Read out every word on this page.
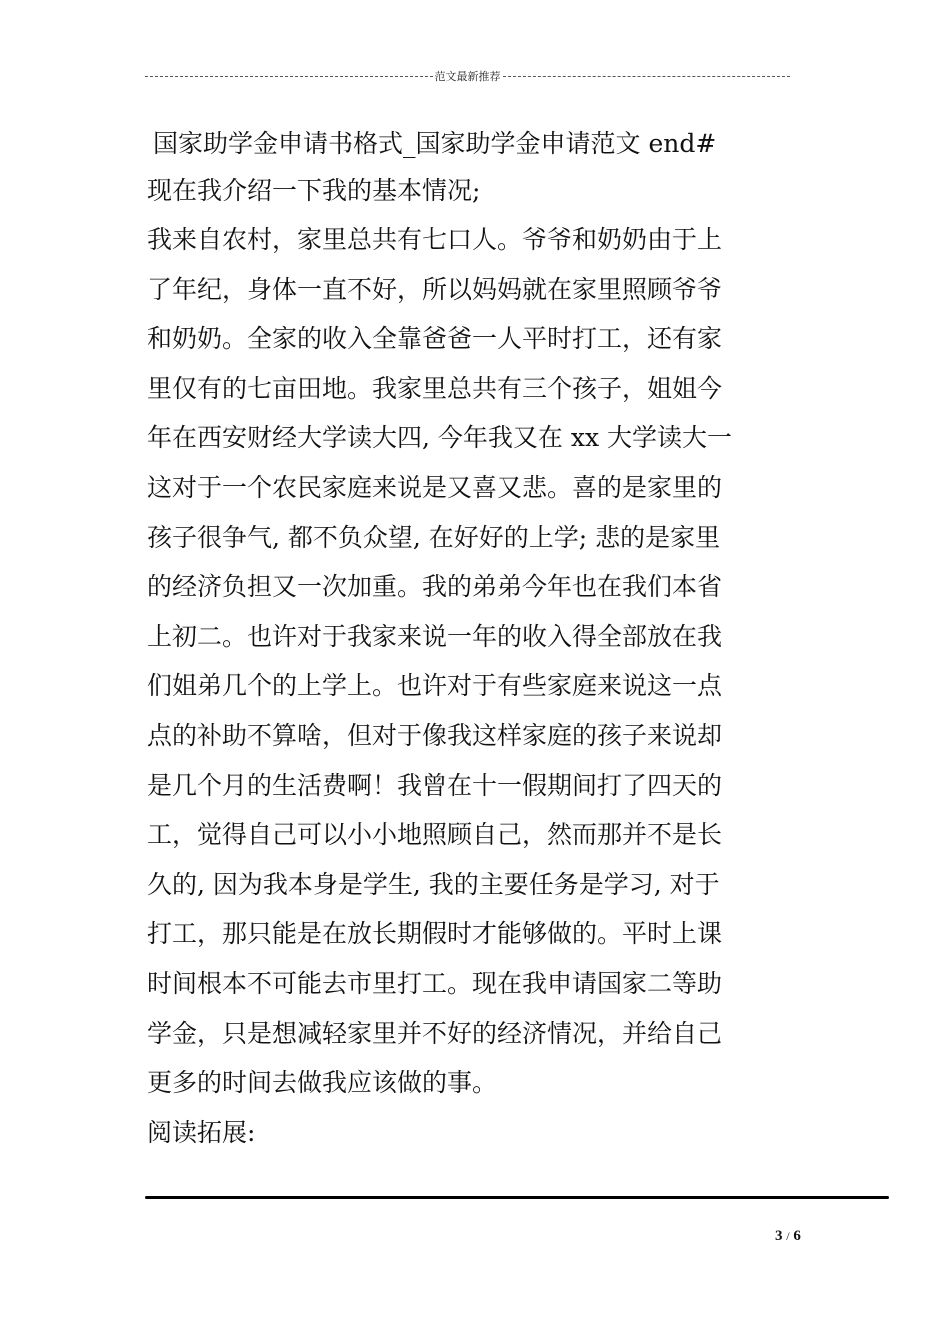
范文最新推荐
国家助学金申请书格式_国家助学金申请范文 end#

现在我介绍一下我的基本情况;

我来自农村，家里总共有七口人。爷爷和奶奶由于上

了年纪，身体一直不好，所以妈妈就在家里照顾爷爷

和奶奶。全家的收入全靠爸爸一人平时打工，还有家

里仅有的七亩田地。我家里总共有三个孩子，姐姐今

年在西安财经大学读大四, 今年我又在 xx 大学读大一

这对于一个农民家庭来说是又喜又悲。喜的是家里的

孩子很争气, 都不负众望, 在好好的上学; 悲的是家里

的经济负担又一次加重。我的弟弟今年也在我们本省

上初二。也许对于我家来说一年的收入得全部放在我

们姐弟几个的上学上。也许对于有些家庭来说这一点

点的补助不算啥，但对于像我这样家庭的孩子来说却

是几个月的生活费啊！我曾在十一假期间打了四天的

工，觉得自己可以小小地照顾自己，然而那并不是长

久的, 因为我本身是学生, 我的主要任务是学习, 对于

打工，那只能是在放长期假时才能够做的。平时上课

时间根本不可能去市里打工。现在我申请国家二等助

学金，只是想减轻家里并不好的经济情况，并给自己

更多的时间去做我应该做的事。

阅读拓展:

3 / 6
